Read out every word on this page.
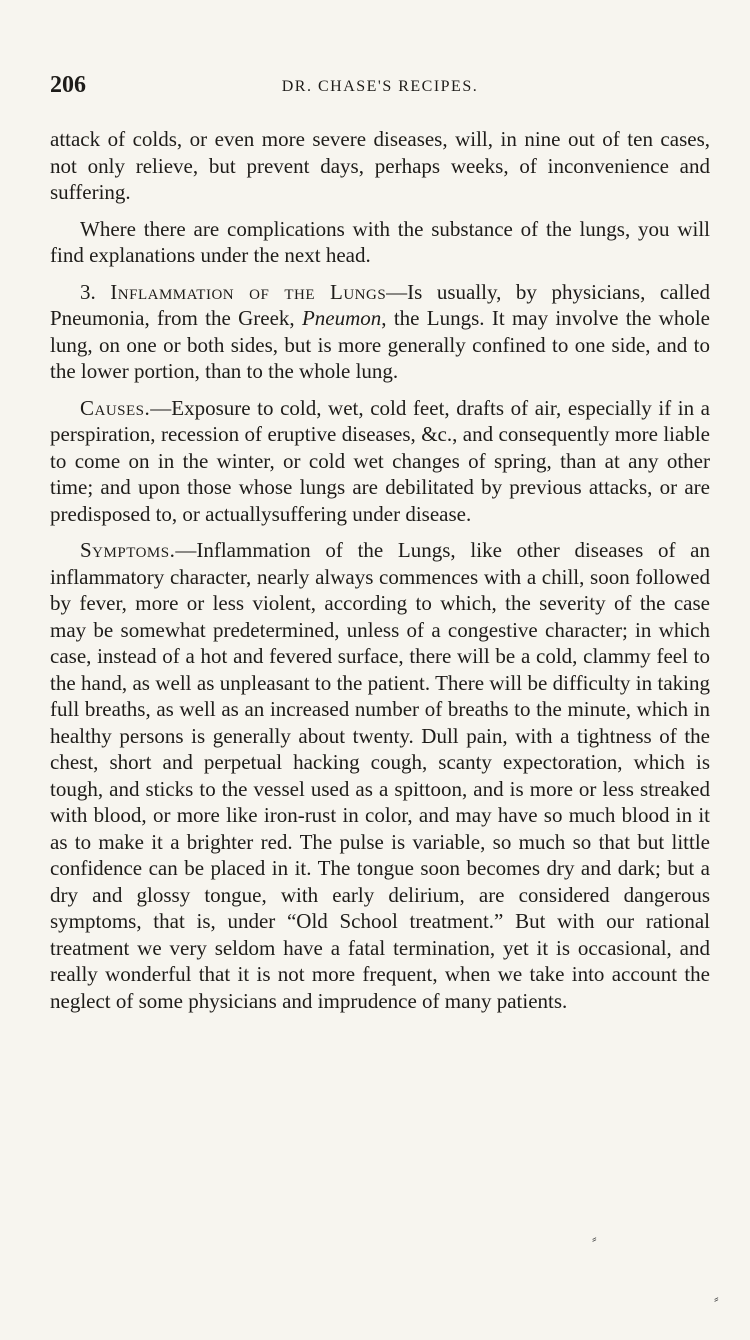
206	DR. CHASE'S RECIPES.

attack of colds, or even more severe diseases, will, in nine out of ten cases, not only relieve, but prevent days, perhaps weeks, of inconvenience and suffering.

Where there are complications with the substance of the lungs, you will find explanations under the next head.

3. Inflammation of the Lungs—Is usually, by physicians, called Pneumonia, from the Greek, Pneumon, the Lungs. It may involve the whole lung, on one or both sides, but is more generally confined to one side, and to the lower portion, than to the whole lung.

Causes.—Exposure to cold, wet, cold feet, drafts of air, especially if in a perspiration, recession of eruptive diseases, &c., and consequently more liable to come on in the winter, or cold wet changes of spring, than at any other time; and upon those whose lungs are debilitated by previous attacks, or are predisposed to, or actuallysuffering under disease.

Symptoms.—Inflammation of the Lungs, like other diseases of an inflammatory character, nearly always commences with a chill, soon followed by fever, more or less violent, according to which, the severity of the case may be somewhat predetermined, unless of a congestive character; in which case, instead of a hot and fevered surface, there will be a cold, clammy feel to the hand, as well as unpleasant to the patient. There will be difficulty in taking full breaths, as well as an increased number of breaths to the minute, which in healthy persons is generally about twenty. Dull pain, with a tightness of the chest, short and perpetual hacking cough, scanty expectoration, which is tough, and sticks to the vessel used as a spittoon, and is more or less streaked with blood, or more like iron-rust in color, and may have so much blood in it as to make it a brighter red. The pulse is variable, so much so that but little confidence can be placed in it. The tongue soon becomes dry and dark; but a dry and glossy tongue, with early delirium, are considered dangerous symptoms, that is, under “Old School treatment.” But with our rational treatment we very seldom have a fatal termination, yet it is occasional, and really wonderful that it is not more frequent, when we take into account the neglect of some physicians and imprudence of many patients.

⸗
⸗
